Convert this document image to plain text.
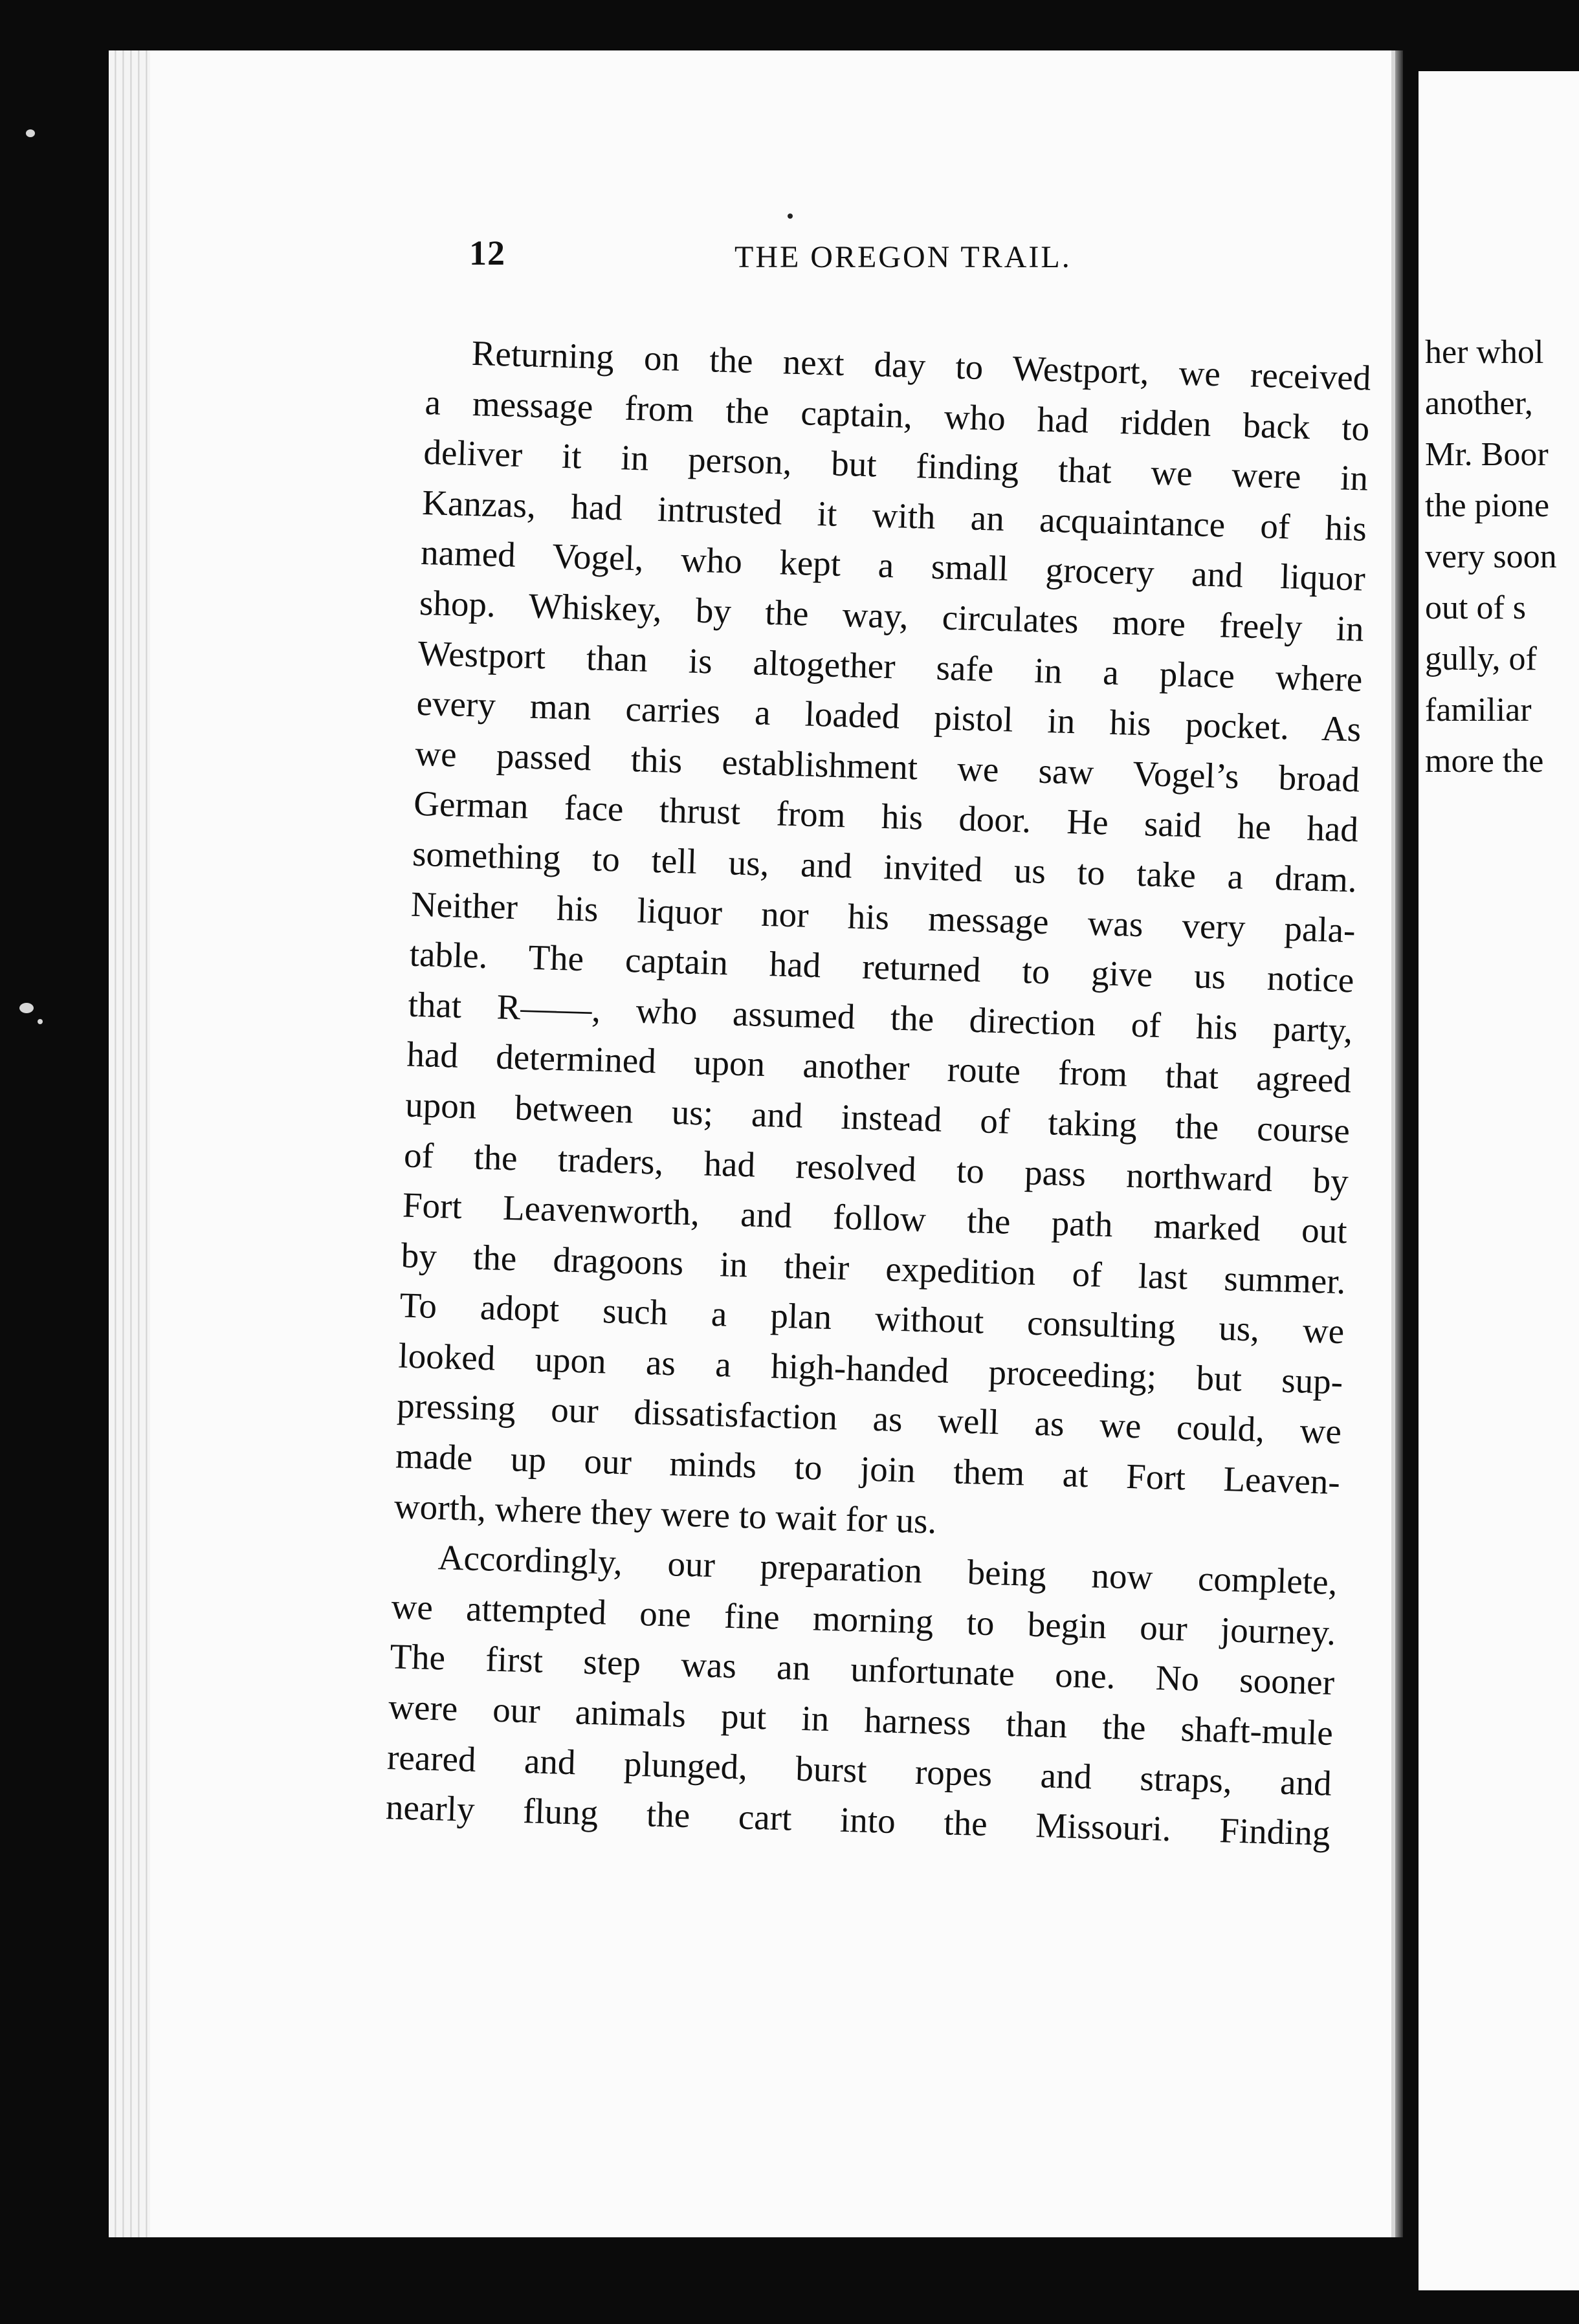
12	THE OREGON TRAIL.
Returning on the next day to Westport, we received
a message from the captain, who had ridden back to
deliver it in person, but finding that we were in
Kanzas, had intrusted it with an acquaintance of his
named Vogel, who kept a small grocery and liquor
shop. Whiskey, by the way, circulates more freely in
Westport than is altogether safe in a place where
every man carries a loaded pistol in his pocket. As
we passed this establishment we saw Vogel’s broad
German face thrust from his door. He said he had
something to tell us, and invited us to take a dram.
Neither his liquor nor his message was very pala-
table. The captain had returned to give us notice
that R——, who assumed the direction of his party,
had determined upon another route from that agreed
upon between us; and instead of taking the course
of the traders, had resolved to pass northward by
Fort Leavenworth, and follow the path marked out
by the dragoons in their expedition of last summer.
To adopt such a plan without consulting us, we
looked upon as a high-handed proceeding; but sup-
pressing our dissatisfaction as well as we could, we
made up our minds to join them at Fort Leaven-
worth, where they were to wait for us.
Accordingly, our preparation being now complete,
we attempted one fine morning to begin our journey.
The first step was an unfortunate one. No sooner
were our animals put in harness than the shaft-mule
reared and plunged, burst ropes and straps, and
nearly flung the cart into the Missouri. Finding
her whol
another,
Mr. Boor
the pione
very soon
out of s
gully, of
familiar
more the
